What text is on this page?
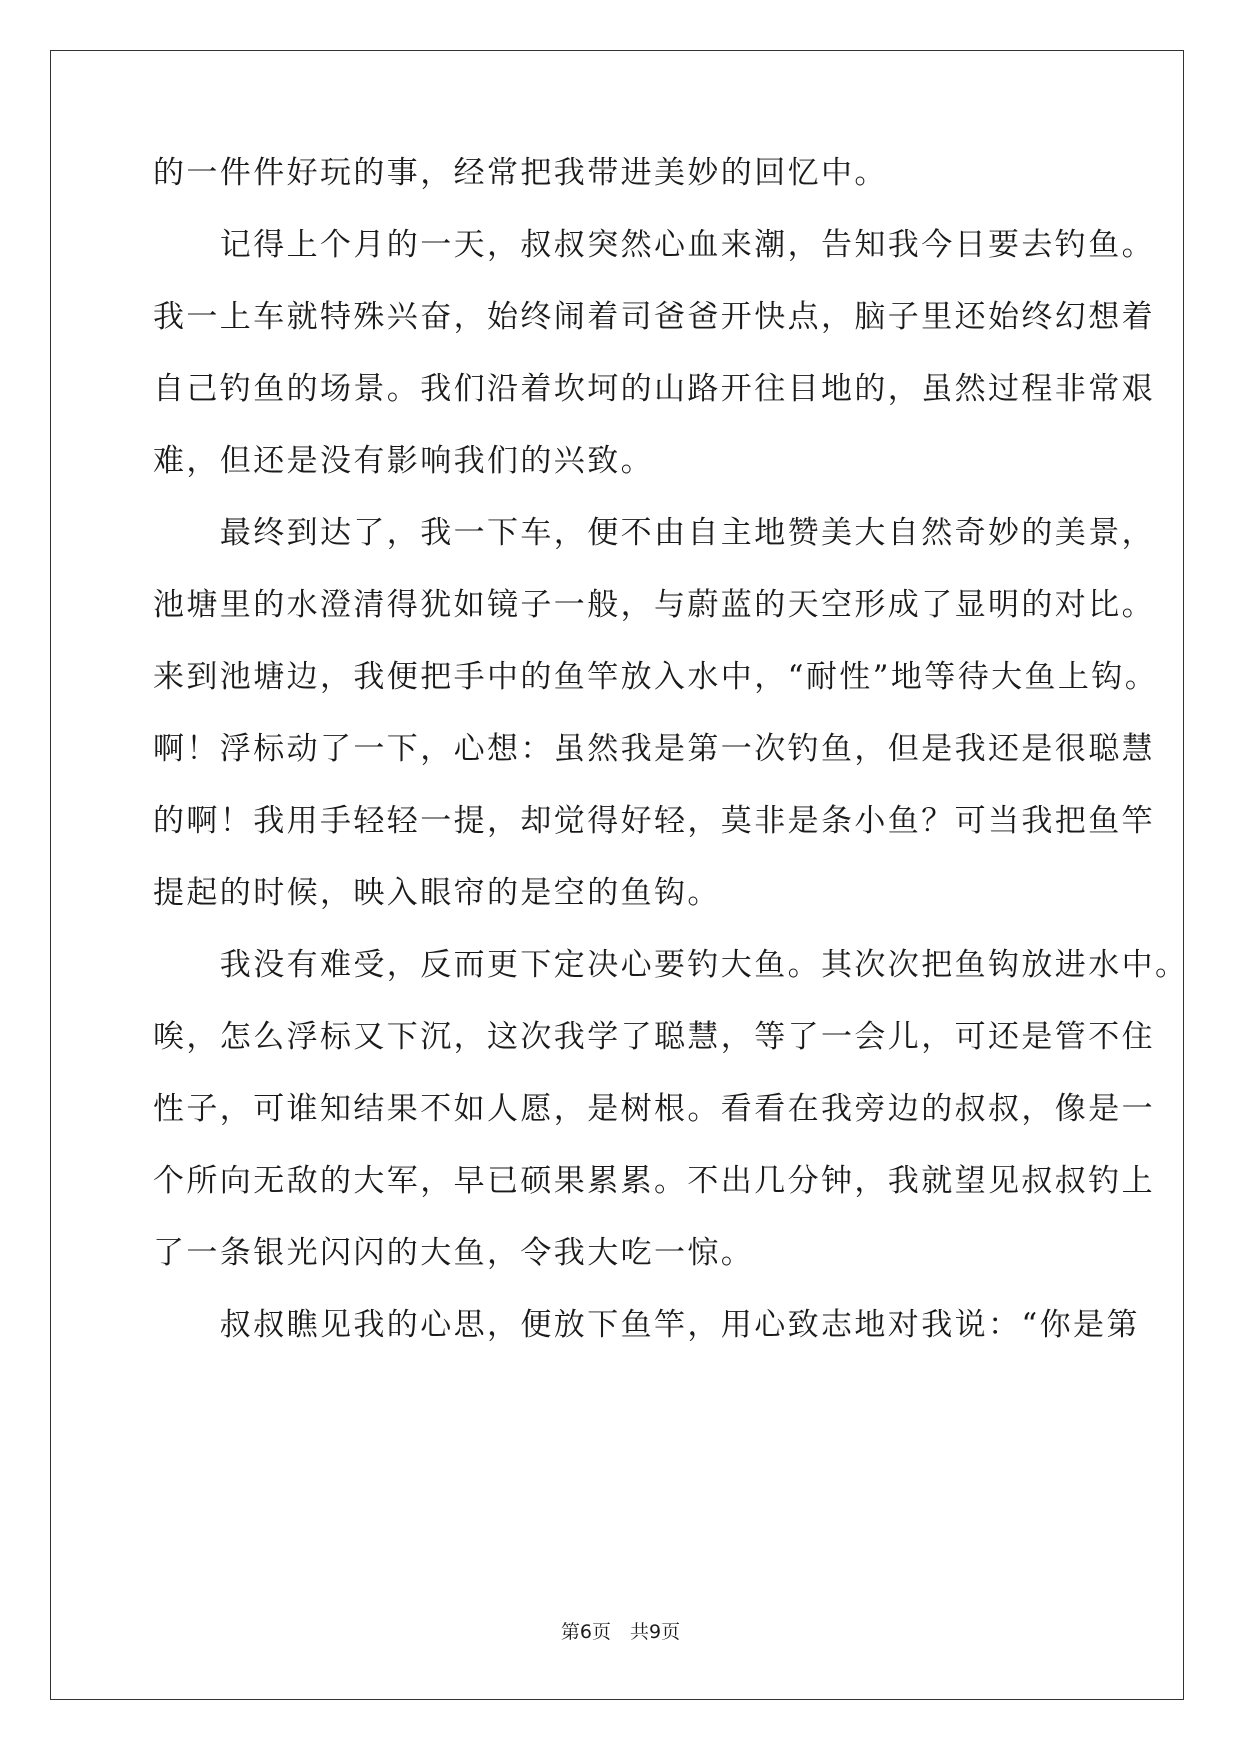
的一件件好玩的事，经常把我带进美妙的回忆中。
　　记得上个月的一天，叔叔突然心血来潮，告知我今日要去钓鱼。
我一上车就特殊兴奋，始终闹着司爸爸开快点，脑子里还始终幻想着
自己钓鱼的场景。我们沿着坎坷的山路开往目地的，虽然过程非常艰
难，但还是没有影响我们的兴致。
　　最终到达了，我一下车，便不由自主地赞美大自然奇妙的美景，
池塘里的水澄清得犹如镜子一般，与蔚蓝的天空形成了显明的对比。
来到池塘边，我便把手中的鱼竿放入水中，“耐性”地等待大鱼上钩。
啊！浮标动了一下，心想：虽然我是第一次钓鱼，但是我还是很聪慧
的啊！我用手轻轻一提，却觉得好轻，莫非是条小鱼？可当我把鱼竿
提起的时候，映入眼帘的是空的鱼钩。
　　我没有难受，反而更下定决心要钓大鱼。其次次把鱼钩放进水中。
唉，怎么浮标又下沉，这次我学了聪慧，等了一会儿，可还是管不住
性子，可谁知结果不如人愿，是树根。看看在我旁边的叔叔，像是一
个所向无敌的大军，早已硕果累累。不出几分钟，我就望见叔叔钓上
了一条银光闪闪的大鱼，令我大吃一惊。
　　叔叔瞧见我的心思，便放下鱼竿，用心致志地对我说：“你是第
第6页　共9页
